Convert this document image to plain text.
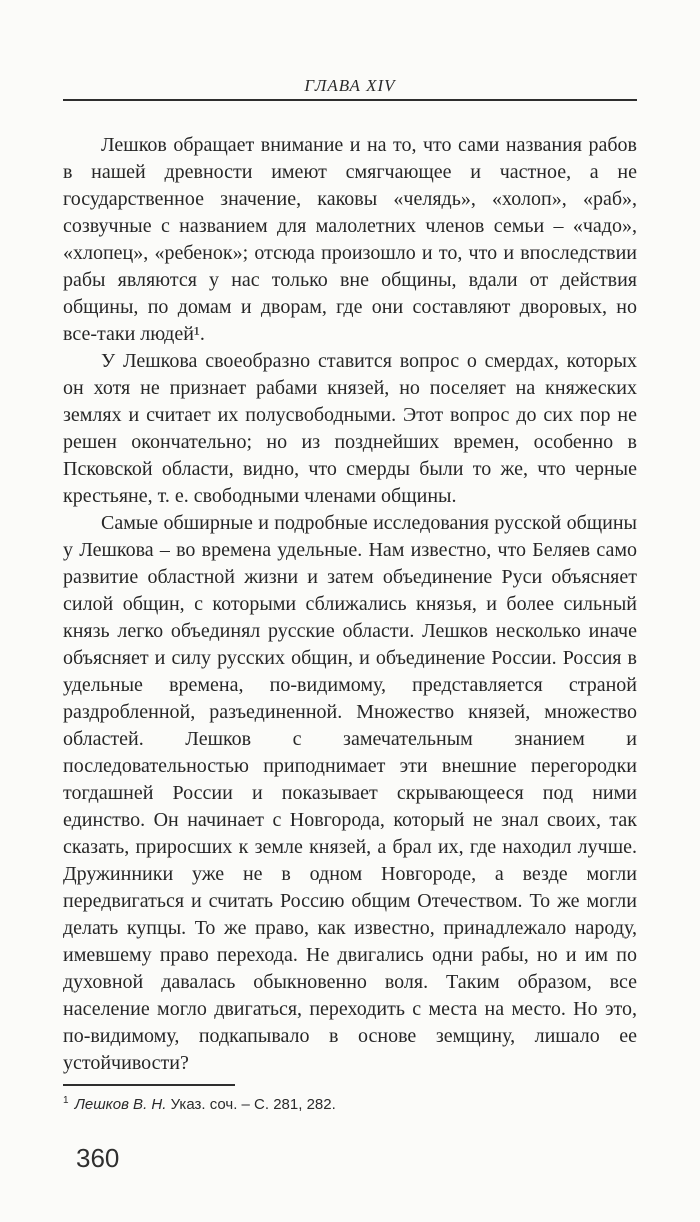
ГЛАВА XIV

Лешков обращает внимание и на то, что сами названия рабов в нашей древности имеют смягчающее и частное, а не государственное значение, каковы «челядь», «холоп», «раб», созвучные с названием для малолетних членов семьи – «чадо», «хлопец», «ребенок»; отсюда произошло и то, что и впоследствии рабы являются у нас только вне общины, вдали от действия общины, по домам и дворам, где они составляют дворовых, но все-таки людей¹.

У Лешкова своеобразно ставится вопрос о смердах, которых он хотя не признает рабами князей, но поселяет на княжеских землях и считает их полусвободными. Этот вопрос до сих пор не решен окончательно; но из позднейших времен, особенно в Псковской области, видно, что смерды были то же, что черные крестьяне, т. е. свободными членами общины.

Самые обширные и подробные исследования русской общины у Лешкова – во времена удельные. Нам известно, что Беляев само развитие областной жизни и затем объединение Руси объясняет силой общин, с которыми сближались князья, и более сильный князь легко объединял русские области. Лешков несколько иначе объясняет и силу русских общин, и объединение России. Россия в удельные времена, по-видимому, представляется страной раздробленной, разъединенной. Множество князей, множество областей. Лешков с замечательным знанием и последовательностью приподнимает эти внешние перегородки тогдашней России и показывает скрывающееся под ними единство. Он начинает с Новгорода, который не знал своих, так сказать, приросших к земле князей, а брал их, где находил лучше. Дружинники уже не в одном Новгороде, а везде могли передвигаться и считать Россию общим Отечеством. То же могли делать купцы. То же право, как известно, принадлежало народу, имевшему право перехода. Не двигались одни рабы, но и им по духовной давалась обыкновенно воля. Таким образом, все население могло двигаться, переходить с места на место. Но это, по-видимому, подкапывало в основе земщину, лишало ее устойчивости?

$^1$ Лешков В. Н. Указ. соч. – С. 281, 282.
360
